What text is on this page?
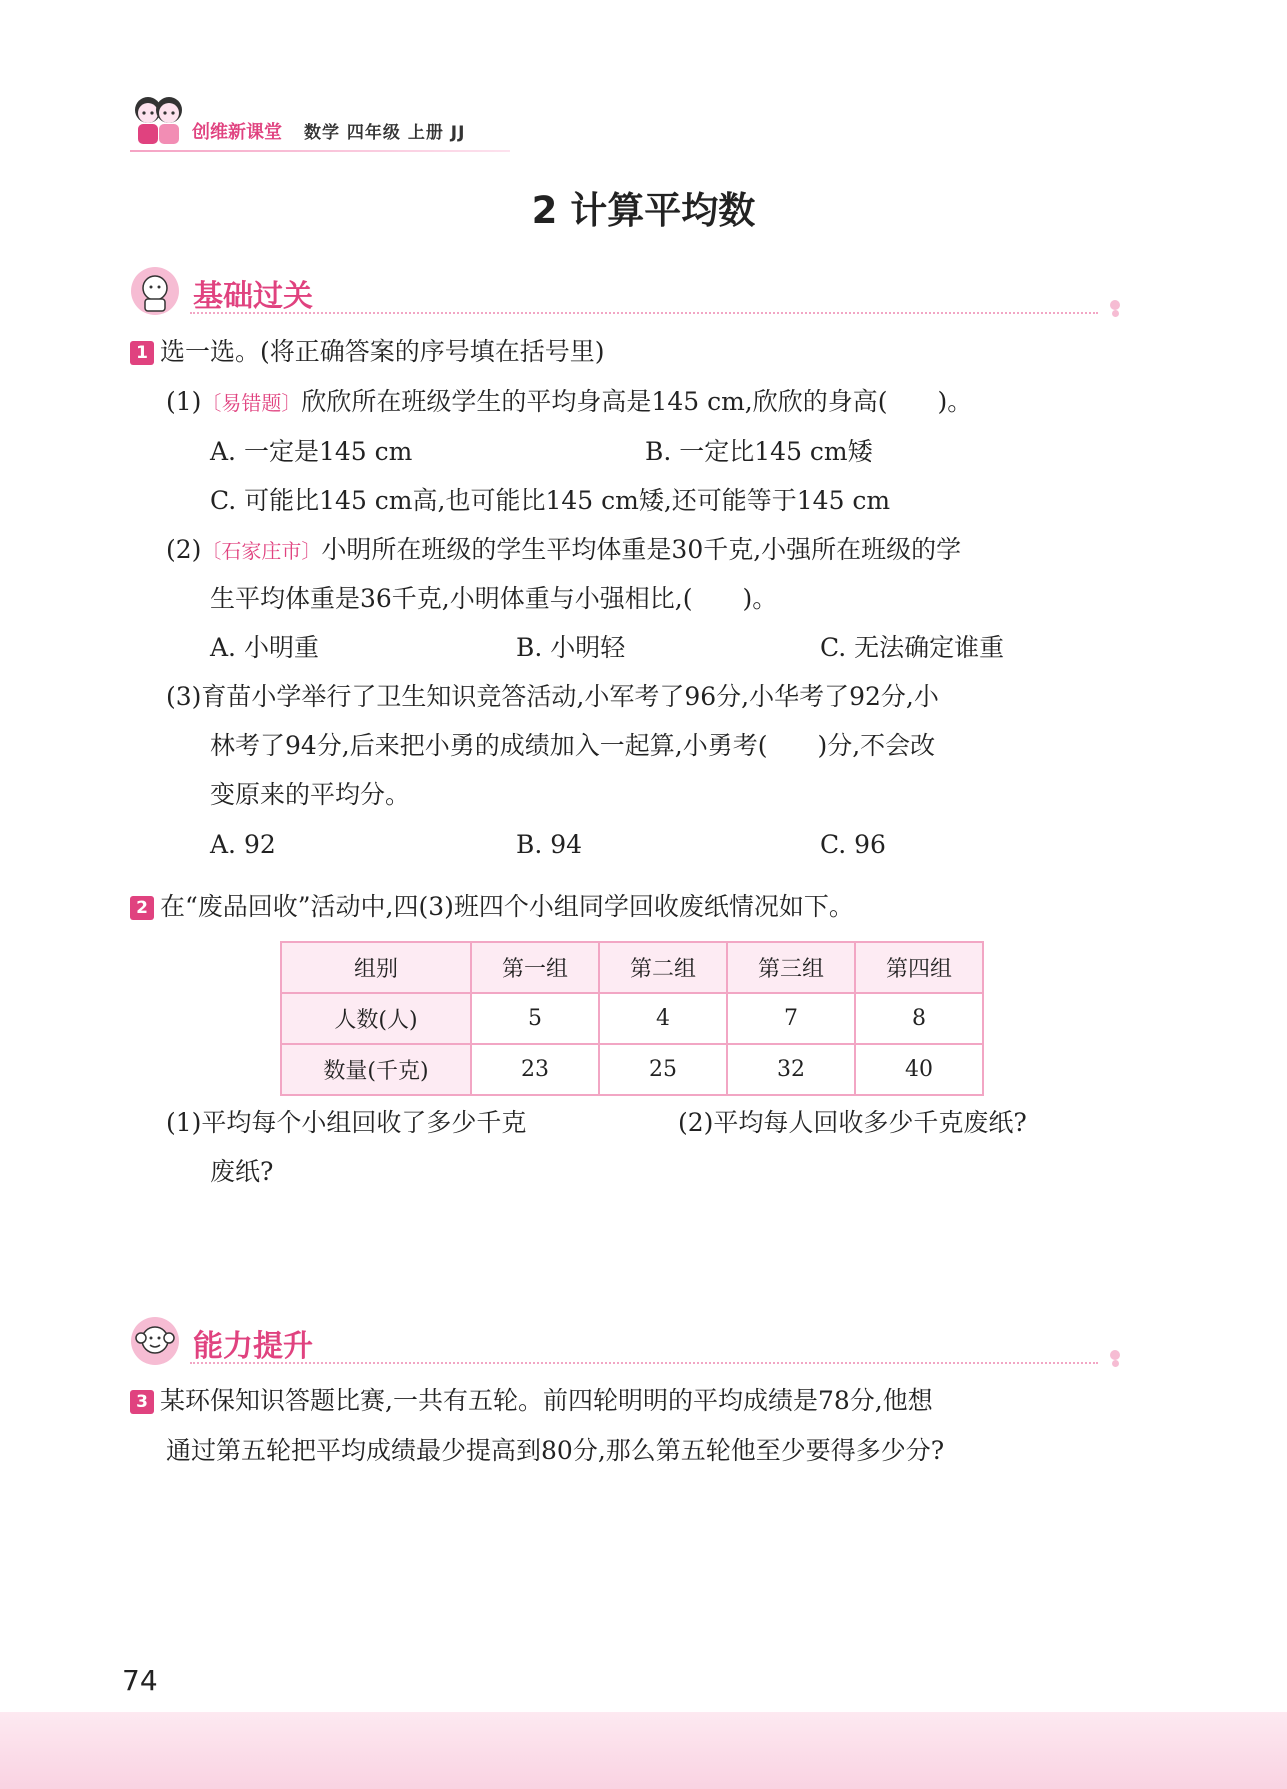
创维新课堂 数学 四年级 上册 JJ
2 计算平均数
基础过关
1 选一选。(将正确答案的序号填在括号里)
(1)〔易错题〕欣欣所在班级学生的平均身高是145 cm,欣欣的身高(　　)。
A. 一定是145 cm	B. 一定比145 cm矮
C. 可能比145 cm高,也可能比145 cm矮,还可能等于145 cm
(2)〔石家庄市〕小明所在班级的学生平均体重是30千克,小强所在班级的学
生平均体重是36千克,小明体重与小强相比,(　　)。
A. 小明重	B. 小明轻	C. 无法确定谁重
(3)育苗小学举行了卫生知识竞答活动,小军考了96分,小华考了92分,小
林考了94分,后来把小勇的成绩加入一起算,小勇考(　　)分,不会改
变原来的平均分。
A. 92	B. 94	C. 96
2 在“废品回收”活动中,四(3)班四个小组同学回收废纸情况如下。
组别	第一组	第二组	第三组	第四组
人数(人)	5	4	7	8
数量(千克)	23	25	32	40
(1)平均每个小组回收了多少千克
废纸?
(2)平均每人回收多少千克废纸?
能力提升
3 某环保知识答题比赛,一共有五轮。前四轮明明的平均成绩是78分,他想
通过第五轮把平均成绩最少提高到80分,那么第五轮他至少要得多少分?
74
